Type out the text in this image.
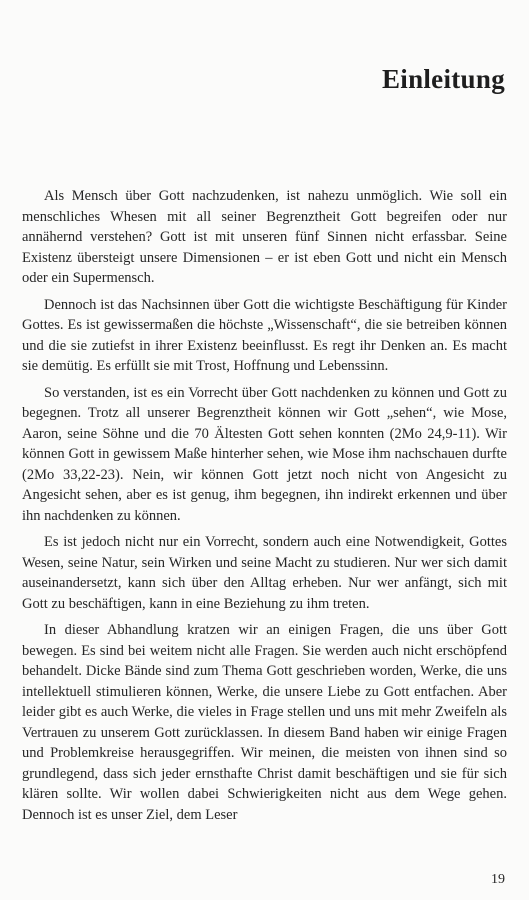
Einleitung

Als Mensch über Gott nachzudenken, ist nahezu unmöglich. Wie soll ein menschliches Whesen mit all seiner Begrenztheit Gott begreifen oder nur annähernd verstehen? Gott ist mit unseren fünf Sinnen nicht erfassbar. Seine Existenz übersteigt unsere Dimensionen – er ist eben Gott und nicht ein Mensch oder ein Supermensch.

Dennoch ist das Nachsinnen über Gott die wichtigste Beschäftigung für Kinder Gottes. Es ist gewissermaßen die höchste „Wissenschaft“, die sie betreiben können und die sie zutiefst in ihrer Existenz beeinflusst. Es regt ihr Denken an. Es macht sie demütig. Es erfüllt sie mit Trost, Hoffnung und Lebenssinn.

So verstanden, ist es ein Vorrecht über Gott nachdenken zu können und Gott zu begegnen. Trotz all unserer Begrenztheit können wir Gott „sehen“, wie Mose, Aaron, seine Söhne und die 70 Ältesten Gott sehen konnten (2Mo 24,9-11). Wir können Gott in gewissem Maße hinterher sehen, wie Mose ihm nachschauen durfte (2Mo 33,22-23). Nein, wir können Gott jetzt noch nicht von Angesicht zu Angesicht sehen, aber es ist genug, ihm begegnen, ihn indirekt erkennen und über ihn nachdenken zu können.

Es ist jedoch nicht nur ein Vorrecht, sondern auch eine Notwendigkeit, Gottes Wesen, seine Natur, sein Wirken und seine Macht zu studieren. Nur wer sich damit auseinandersetzt, kann sich über den Alltag erheben. Nur wer anfängt, sich mit Gott zu beschäftigen, kann in eine Beziehung zu ihm treten.

In dieser Abhandlung kratzen wir an einigen Fragen, die uns über Gott bewegen. Es sind bei weitem nicht alle Fragen. Sie werden auch nicht erschöpfend behandelt. Dicke Bände sind zum Thema Gott geschrieben worden, Werke, die uns intellektuell stimulieren können, Werke, die unsere Liebe zu Gott entfachen. Aber leider gibt es auch Werke, die vieles in Frage stellen und uns mit mehr Zweifeln als Vertrauen zu unserem Gott zurücklassen. In diesem Band haben wir einige Fragen und Problemkreise herausgegriffen. Wir meinen, die meisten von ihnen sind so grundlegend, dass sich jeder ernsthafte Christ damit beschäftigen und sie für sich klären sollte. Wir wollen dabei Schwierigkeiten nicht aus dem Wege gehen. Dennoch ist es unser Ziel, dem Leser

19
